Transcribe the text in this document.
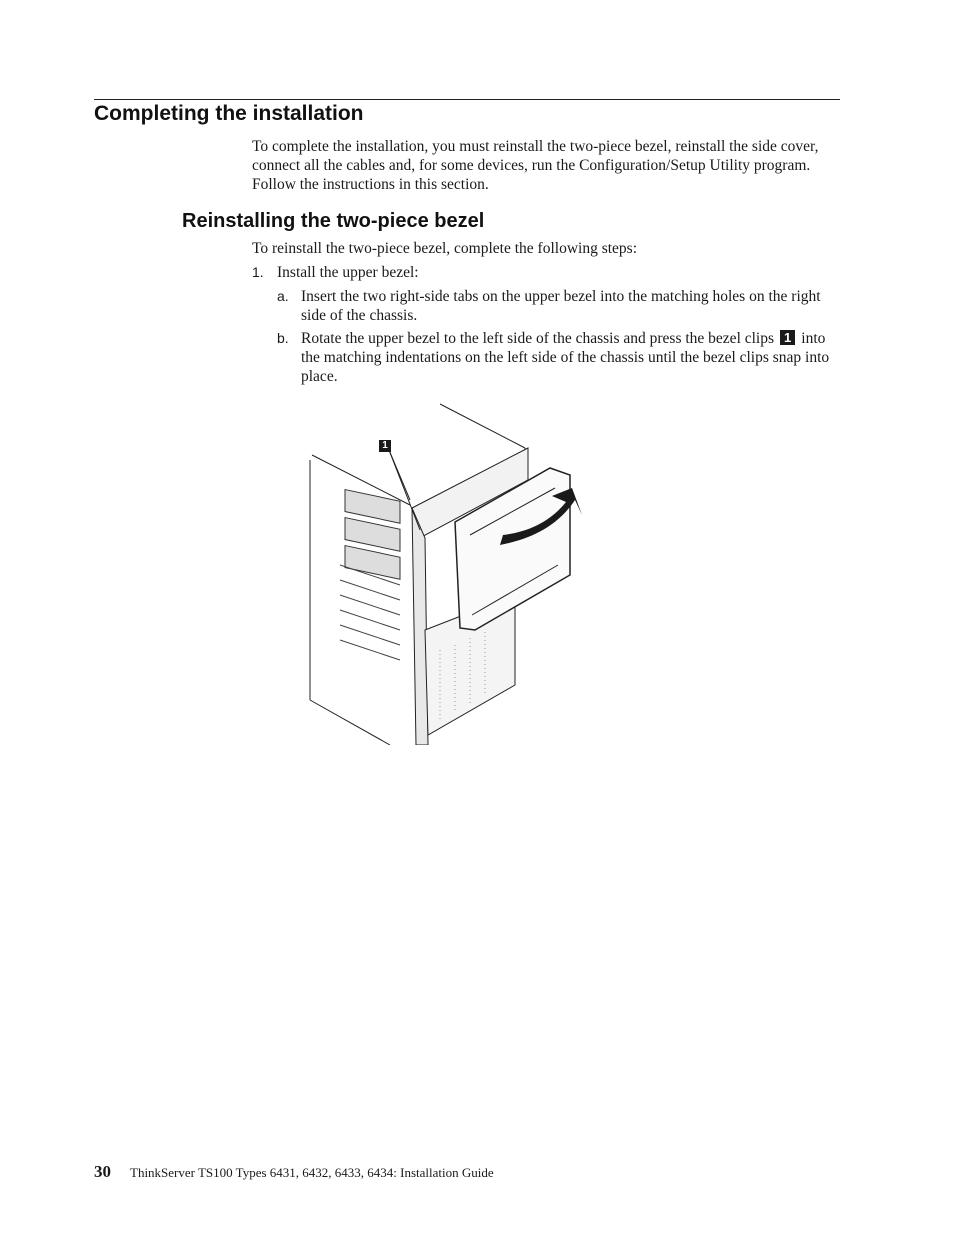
Completing the installation

To complete the installation, you must reinstall the two-piece bezel, reinstall the side cover, connect all the cables and, for some devices, run the Configuration/Setup Utility program. Follow the instructions in this section.

Reinstalling the two-piece bezel

To reinstall the two-piece bezel, complete the following steps:

1. Install the upper bezel:
a. Insert the two right-side tabs on the upper bezel into the matching holes on the right side of the chassis.

b. Rotate the upper bezel to the left side of the chassis and press the bezel clips 1 into the matching indentations on the left side of the chassis until the bezel clips snap into place.

1
30 ThinkServer TS100 Types 6431, 6432, 6433, 6434: Installation Guide
